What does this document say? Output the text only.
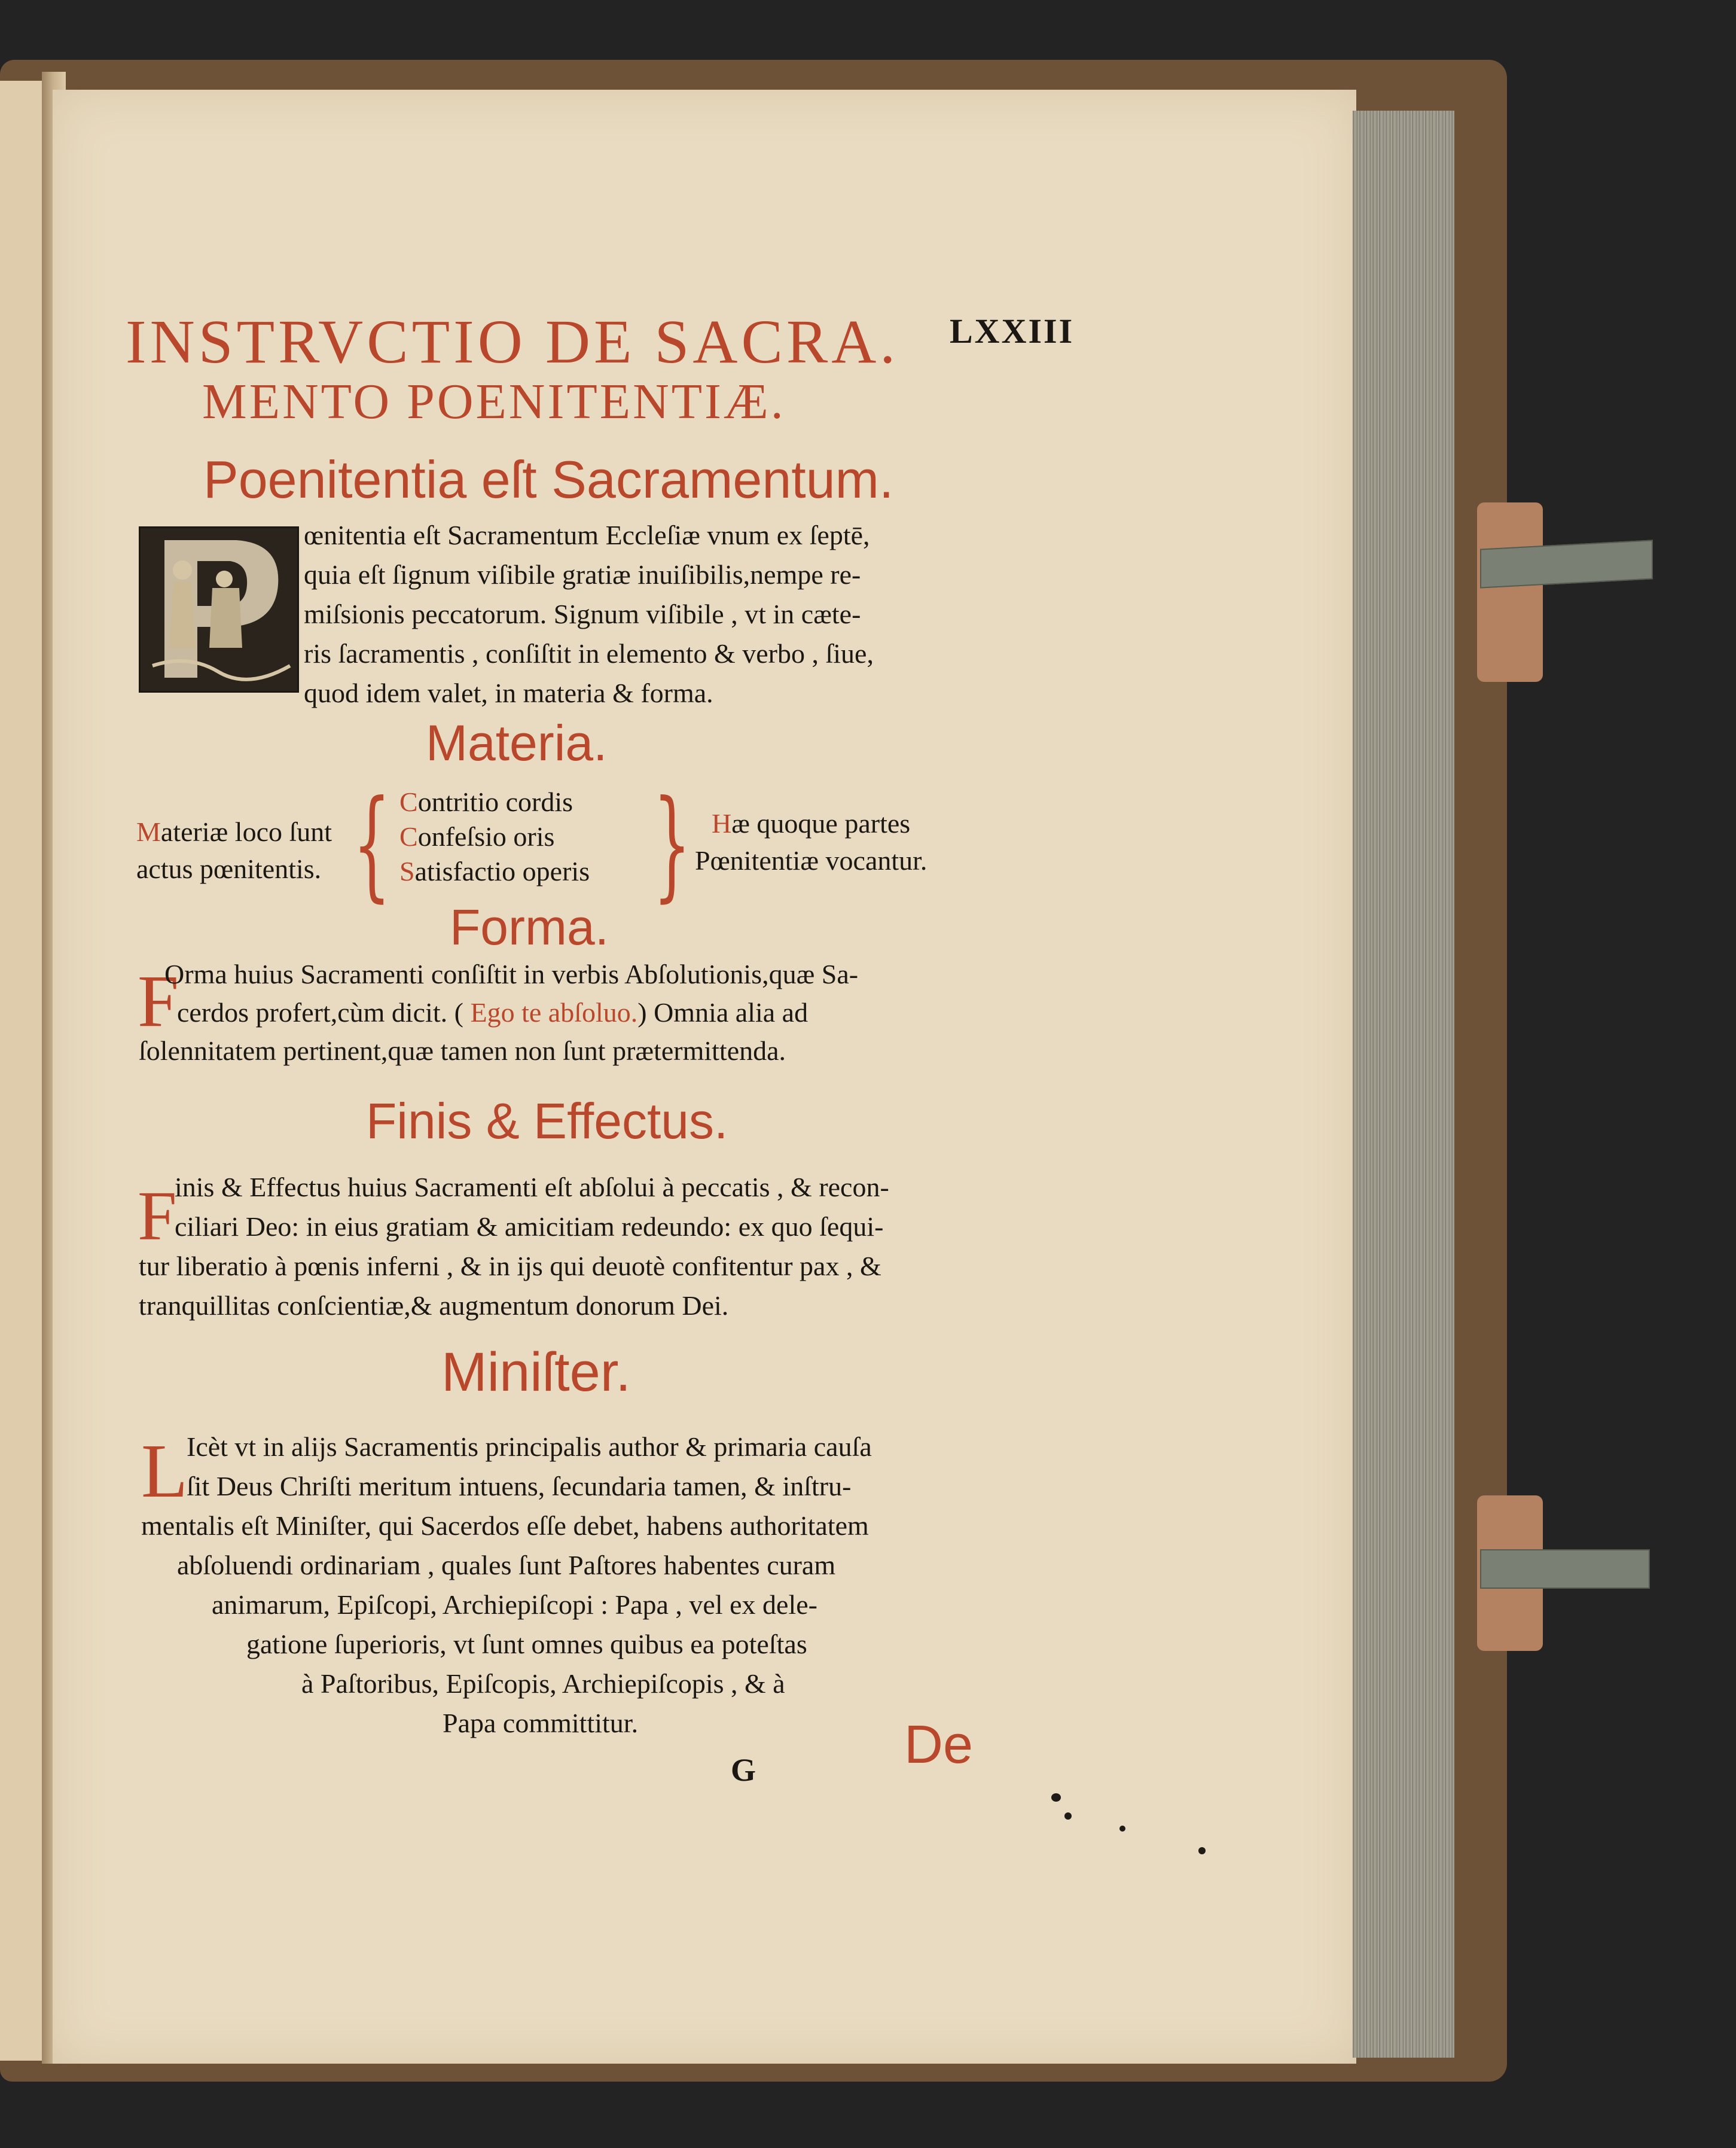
INSTRVCTIO DE SACRA.
MENTO POENITENTIÆ.
LXXIII
Poenitentia eſt Sacramentum.
œnitentia eſt Sacramentum Eccleſiæ vnum ex ſeptē,
quia eſt ſignum viſibile gratiæ inuiſibilis,nempe re-
miſsionis peccatorum. Signum viſibile , vt in cæte-
ris ſacramentis , conſiſtit in elemento & verbo , ſiue,
quod idem valet, in materia & forma.
Materia.
Materiæ loco ſunt
actus pœnitentis. { Contritio cordis
Confeſsio oris
Satisfactio operis } Hæ quoque partes
Pœnitentiæ vocantur.
Forma.
F
Orma huius Sacramenti conſiſtit in verbis Abſolutionis,quæ Sa-
cerdos profert,cùm dicit. ( Ego te abſoluo.) Omnia alia ad
ſolennitatem pertinent,quæ tamen non ſunt prætermittenda.
Finis & Effectus.
F
inis & Effectus huius Sacramenti eſt abſolui à peccatis , & recon-
ciliari Deo: in eius gratiam & amicitiam redeundo: ex quo ſequi-
tur liberatio à pœnis inferni , & in ijs qui deuotè confitentur pax , &
tranquillitas conſcientiæ,& augmentum donorum Dei.
Miniſter.
L
Icèt vt in alijs Sacramentis principalis author & primaria cauſa
ſit Deus Chriſti meritum intuens, ſecundaria tamen, & inſtru-
mentalis eſt Miniſter, qui Sacerdos eſſe debet, habens authoritatem
abſoluendi ordinariam , quales ſunt Paſtores habentes curam
animarum, Epiſcopi, Archiepiſcopi : Papa , vel ex dele-
gatione ſuperioris, vt ſunt omnes quibus ea poteſtas
à Paſtoribus, Epiſcopis, Archiepiſcopis , & à
Papa committitur.
G	De
